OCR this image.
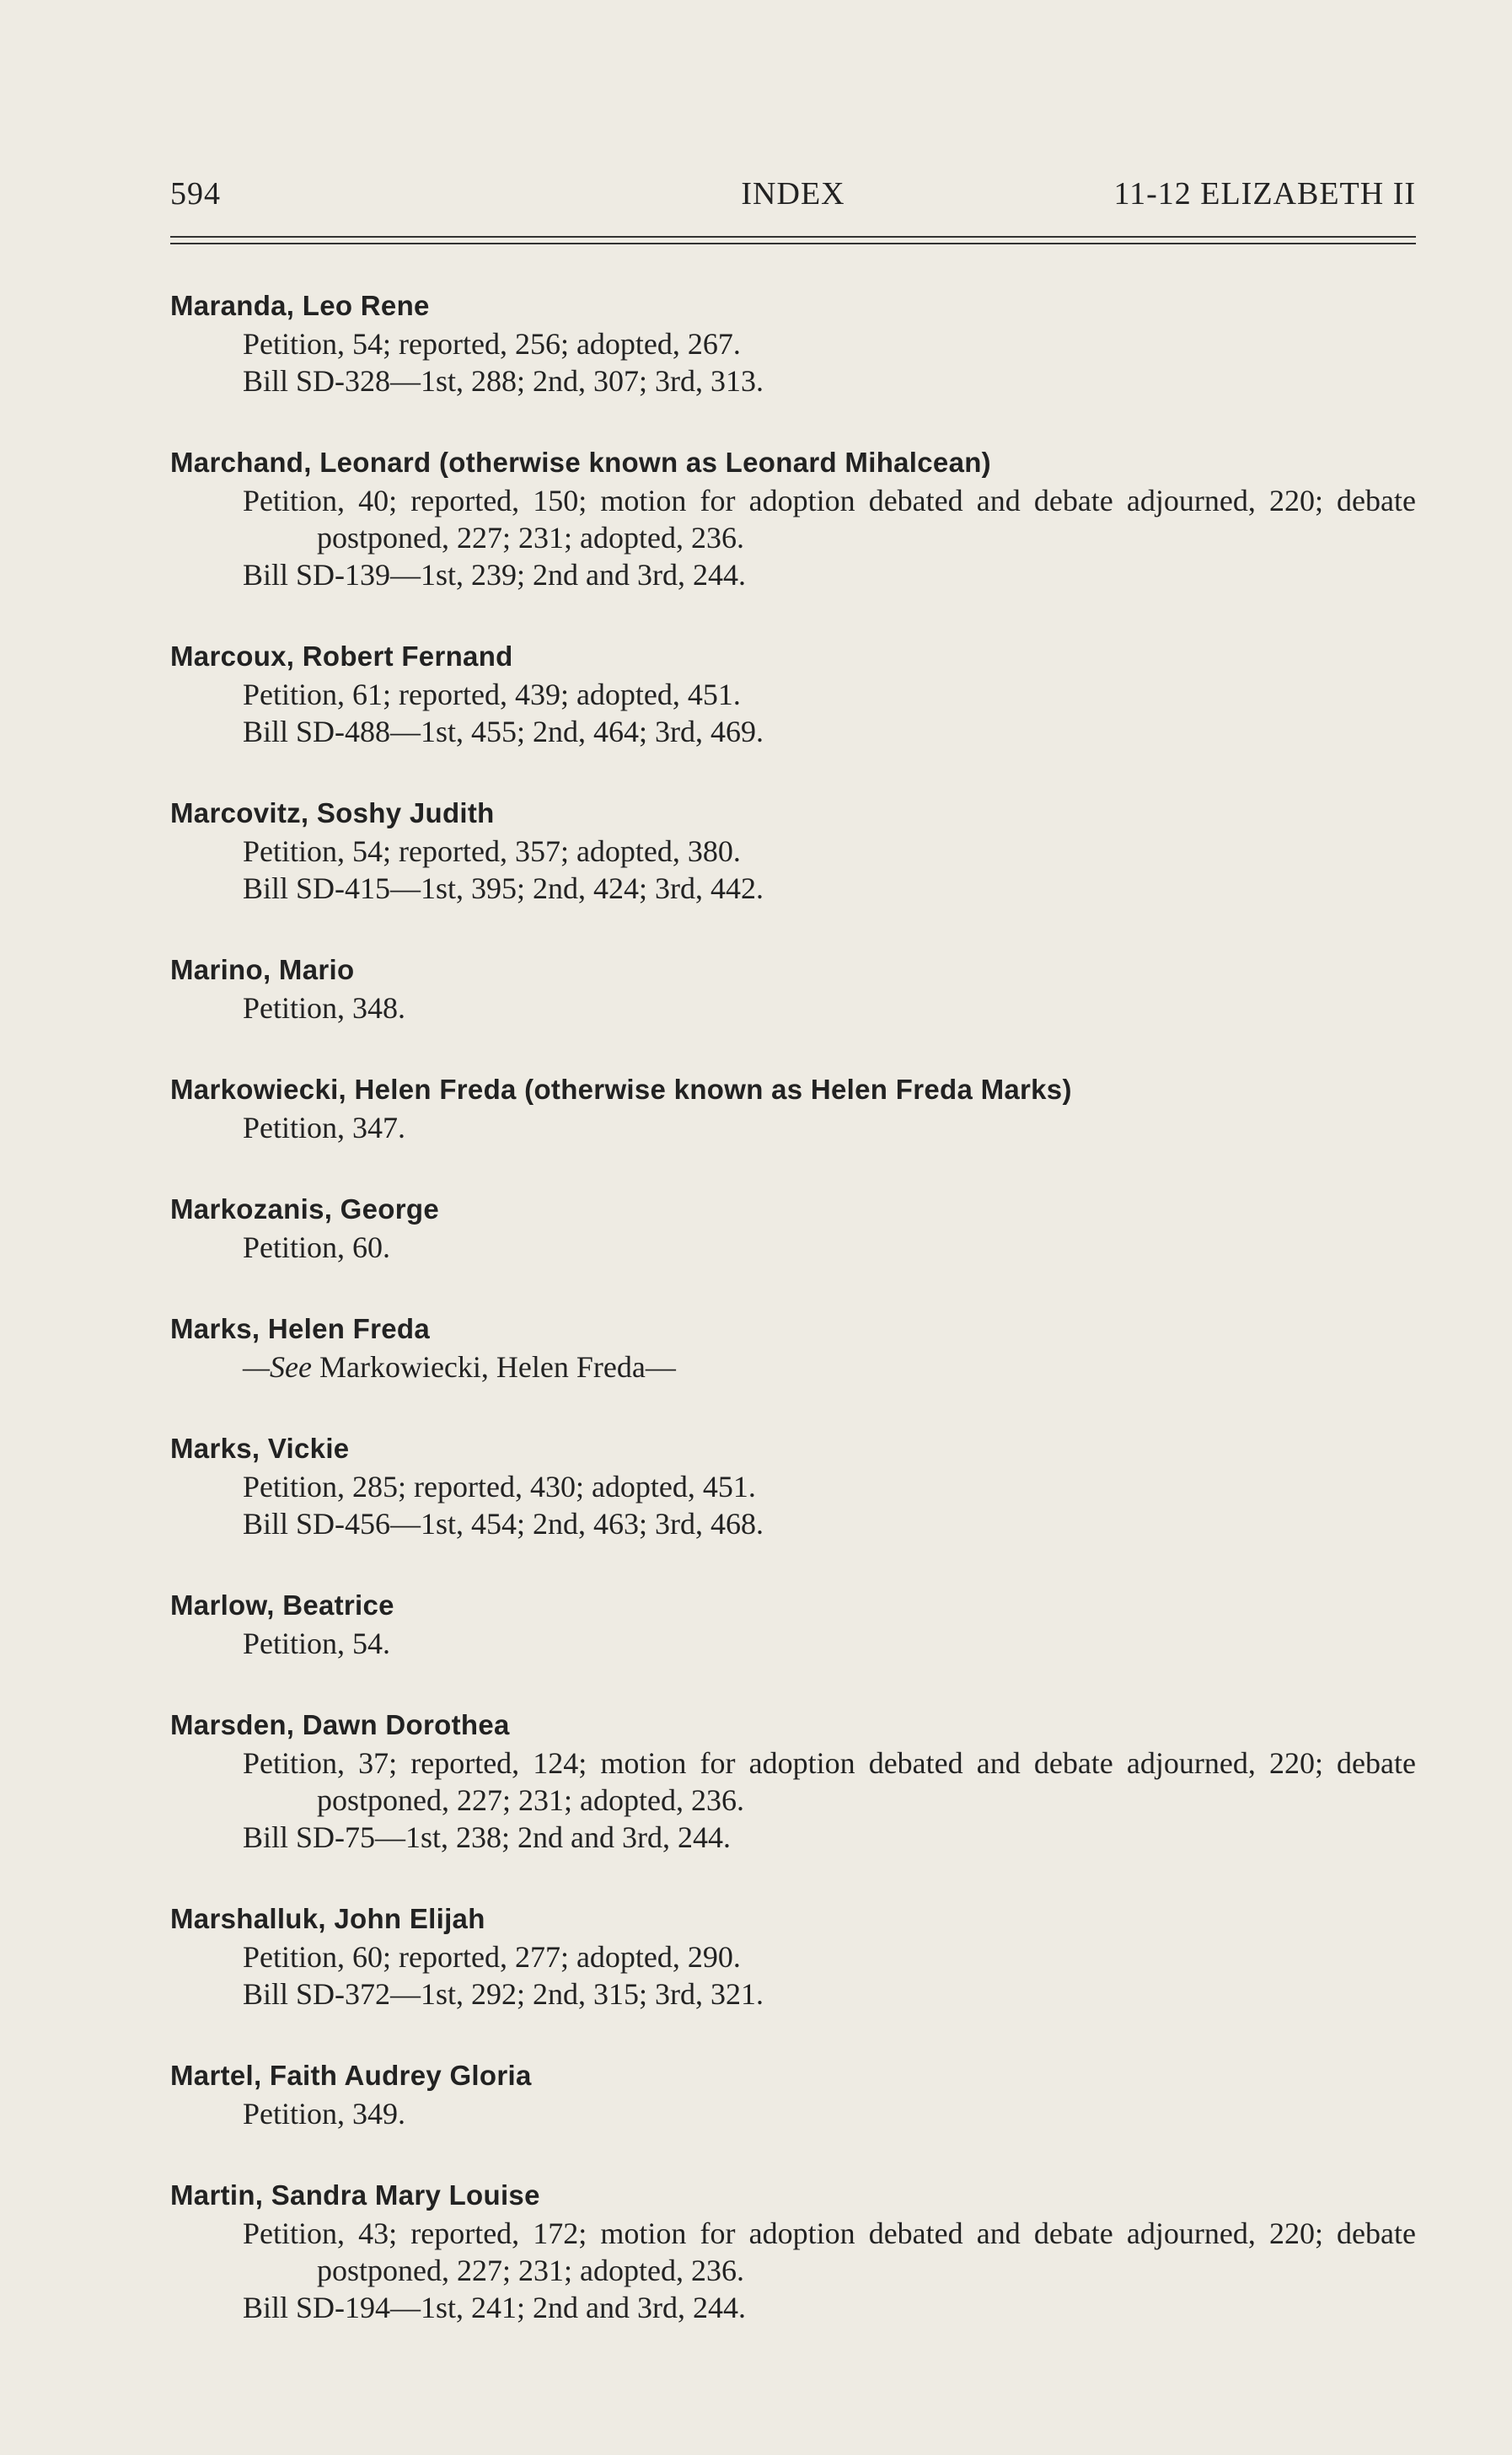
594	INDEX	11-12 ELIZABETH II
Maranda, Leo Rene
Petition, 54; reported, 256; adopted, 267.
Bill SD-328—1st, 288; 2nd, 307; 3rd, 313.
Marchand, Leonard (otherwise known as Leonard Mihalcean)
Petition, 40; reported, 150; motion for adoption debated and debate adjourned, 220; debate postponed, 227; 231; adopted, 236.
Bill SD-139—1st, 239; 2nd and 3rd, 244.
Marcoux, Robert Fernand
Petition, 61; reported, 439; adopted, 451.
Bill SD-488—1st, 455; 2nd, 464; 3rd, 469.
Marcovitz, Soshy Judith
Petition, 54; reported, 357; adopted, 380.
Bill SD-415—1st, 395; 2nd, 424; 3rd, 442.
Marino, Mario
Petition, 348.
Markowiecki, Helen Freda (otherwise known as Helen Freda Marks)
Petition, 347.
Markozanis, George
Petition, 60.
Marks, Helen Freda
—See Markowiecki, Helen Freda—
Marks, Vickie
Petition, 285; reported, 430; adopted, 451.
Bill SD-456—1st, 454; 2nd, 463; 3rd, 468.
Marlow, Beatrice
Petition, 54.
Marsden, Dawn Dorothea
Petition, 37; reported, 124; motion for adoption debated and debate adjourned, 220; debate postponed, 227; 231; adopted, 236.
Bill SD-75—1st, 238; 2nd and 3rd, 244.
Marshalluk, John Elijah
Petition, 60; reported, 277; adopted, 290.
Bill SD-372—1st, 292; 2nd, 315; 3rd, 321.
Martel, Faith Audrey Gloria
Petition, 349.
Martin, Sandra Mary Louise
Petition, 43; reported, 172; motion for adoption debated and debate adjourned, 220; debate postponed, 227; 231; adopted, 236.
Bill SD-194—1st, 241; 2nd and 3rd, 244.
